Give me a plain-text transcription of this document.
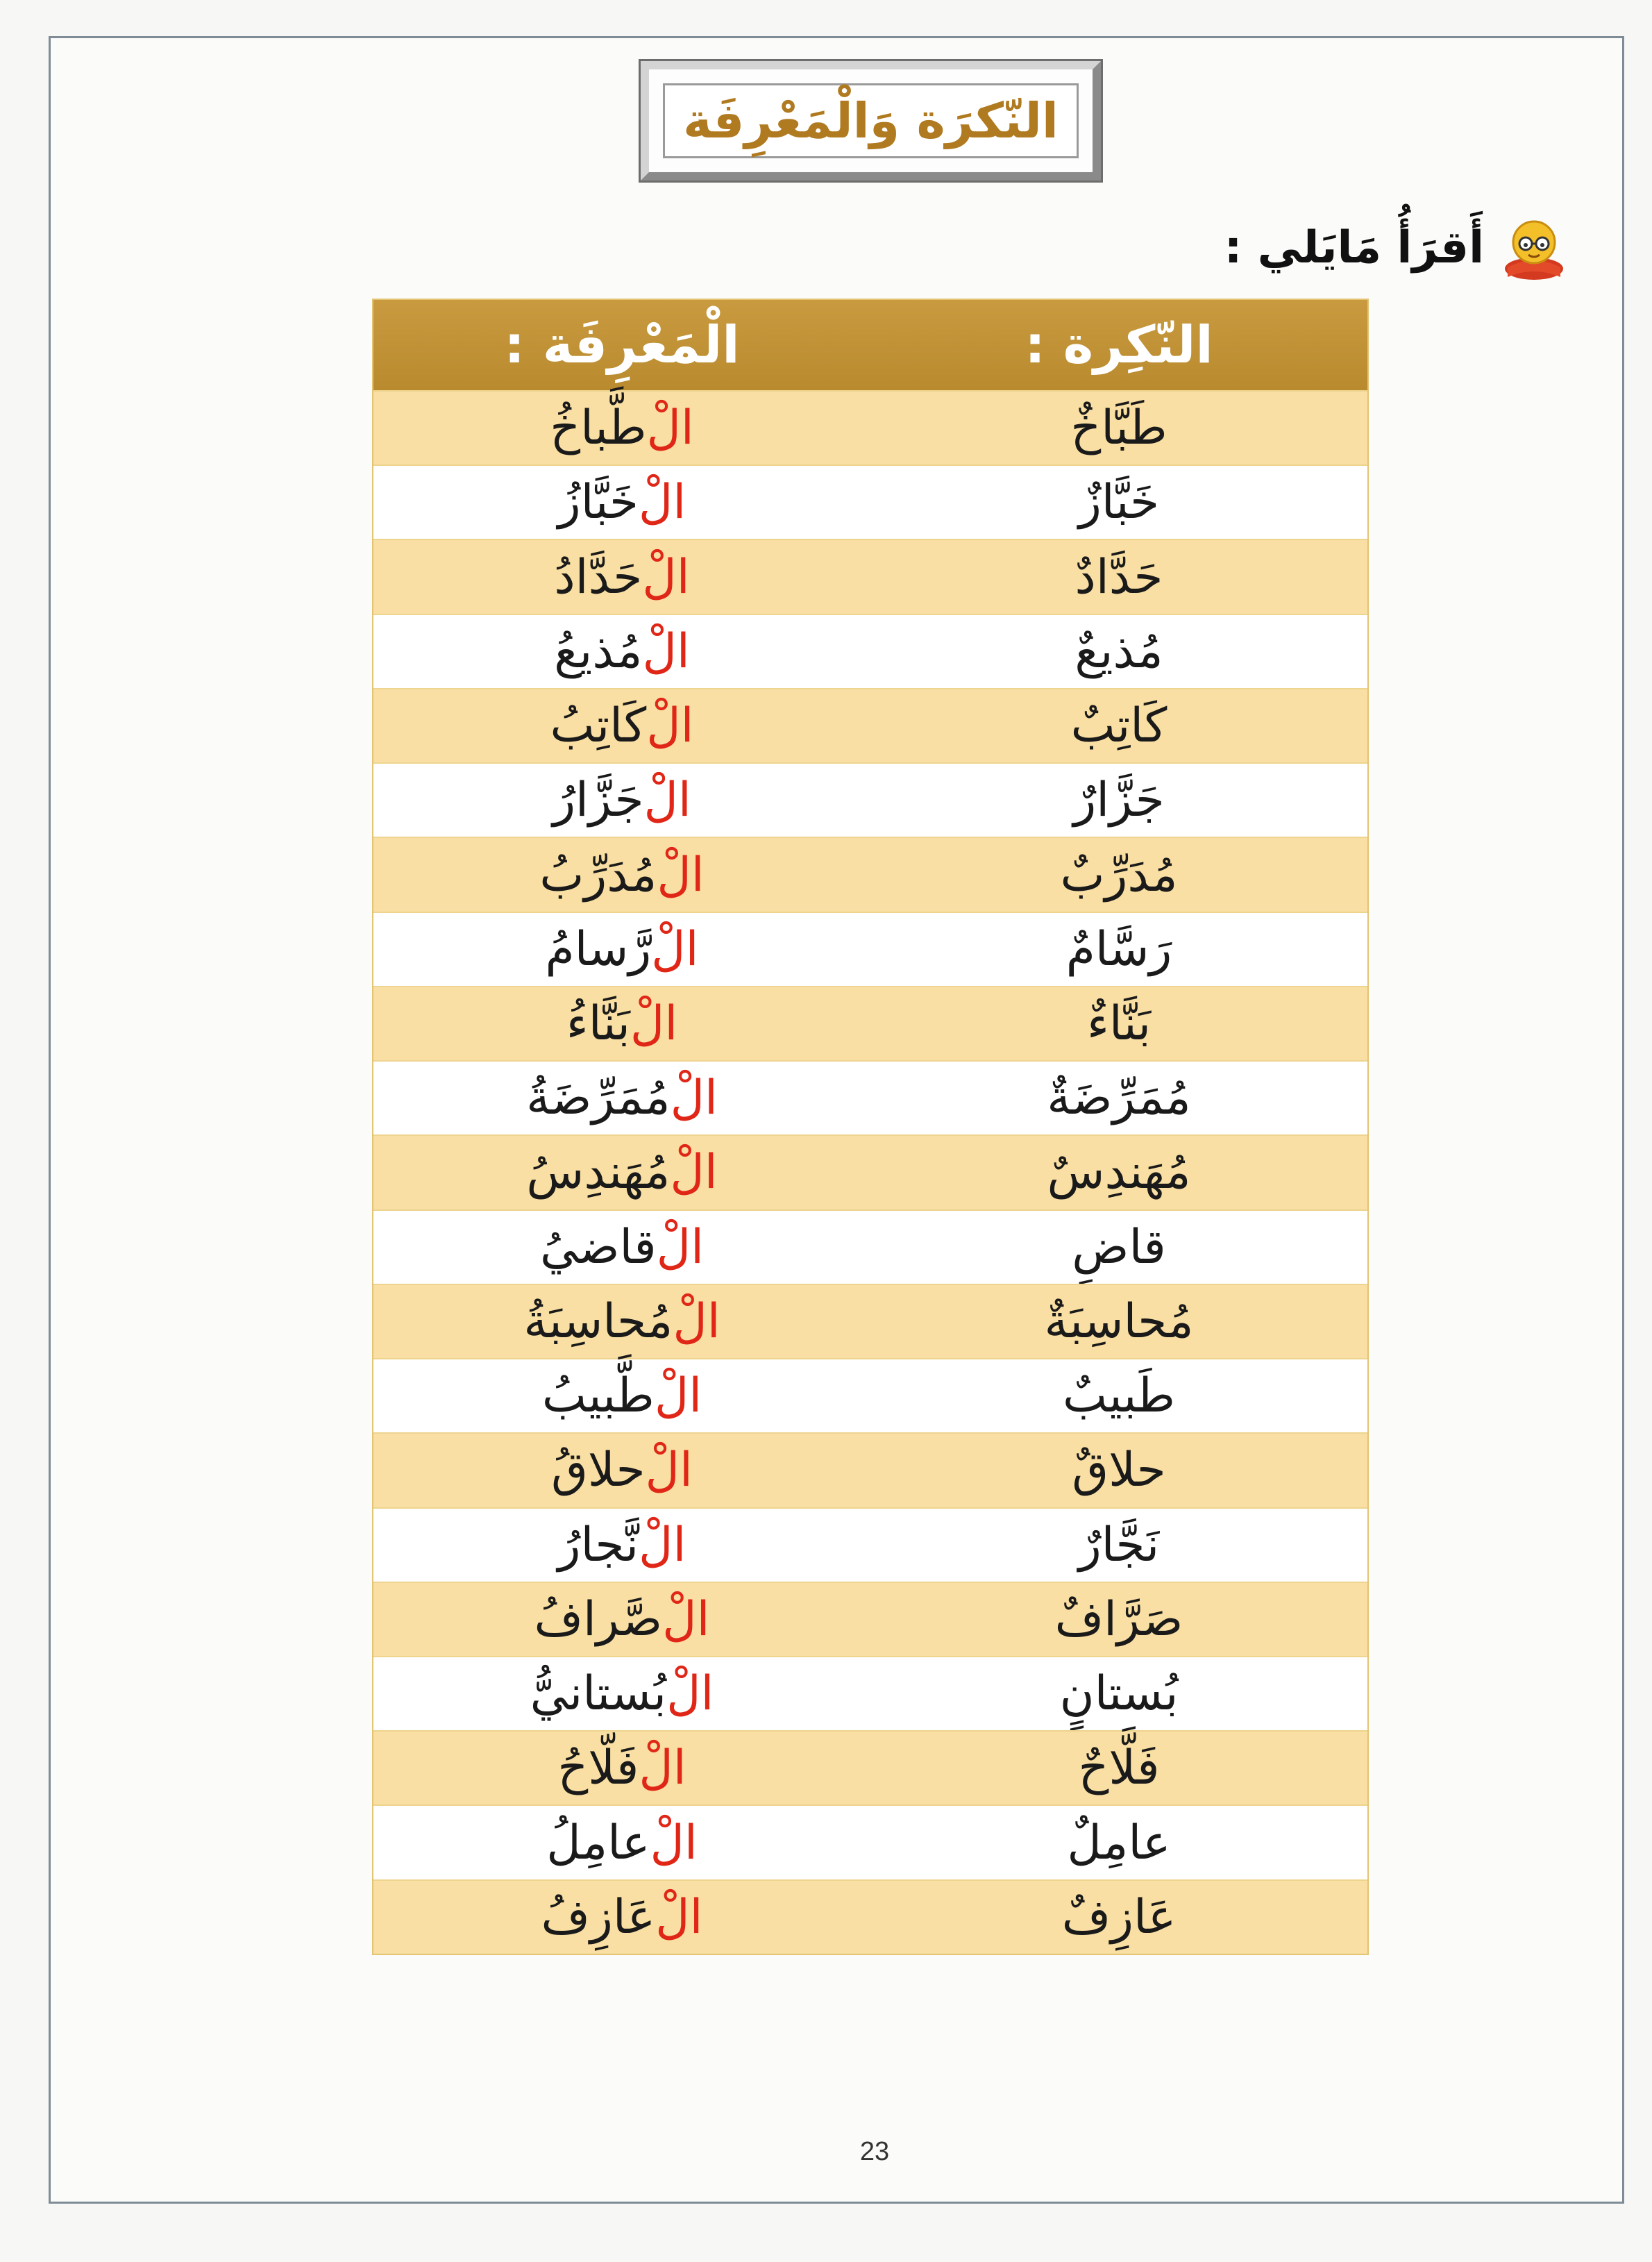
النّكرَة وَالْمَعْرِفَة
أَقرَأُ مَايَلي :
النّكِرة :
الْمَعْرِفَة :
طَبَّاخٌ
الْ
طَّباخُ
خَبَّازٌ
الْ
خَبَّازُ
حَدَّادٌ
الْ
حَدَّادُ
مُذيعٌ
الْ
مُذيعُ
كَاتِبٌ
الْ
كَاتِبُ
جَزَّارٌ
الْ
جَزَّارُ
مُدَرِّبٌ
الْ
مُدَرِّبُ
رَسَّامٌ
الْ
رَّسامُ
بَنَّاءٌ
الْ
بَنَّاءُ
مُمَرِّضَةٌ
الْ
مُمَرِّضَةُ
مُهَندِسٌ
الْ
مُهَندِسُ
قاضٍ
الْ
قاضيُ
مُحاسِبَةٌ
الْ
مُحاسِبَةُ
طَبيبٌ
الْ
طَّبيبُ
حلاقٌ
الْ
حلاقُ
نَجَّارٌ
الْ
نَّجارُ
صَرَّافٌ
الْ
صَّرافُ
بُستانٍ
الْ
بُستانيُّ
فَلَّاحٌ
الْ
فَلّاحُ
عامِلٌ
الْ
عامِلُ
عَازِفٌ
الْ
عَازِفُ
23
